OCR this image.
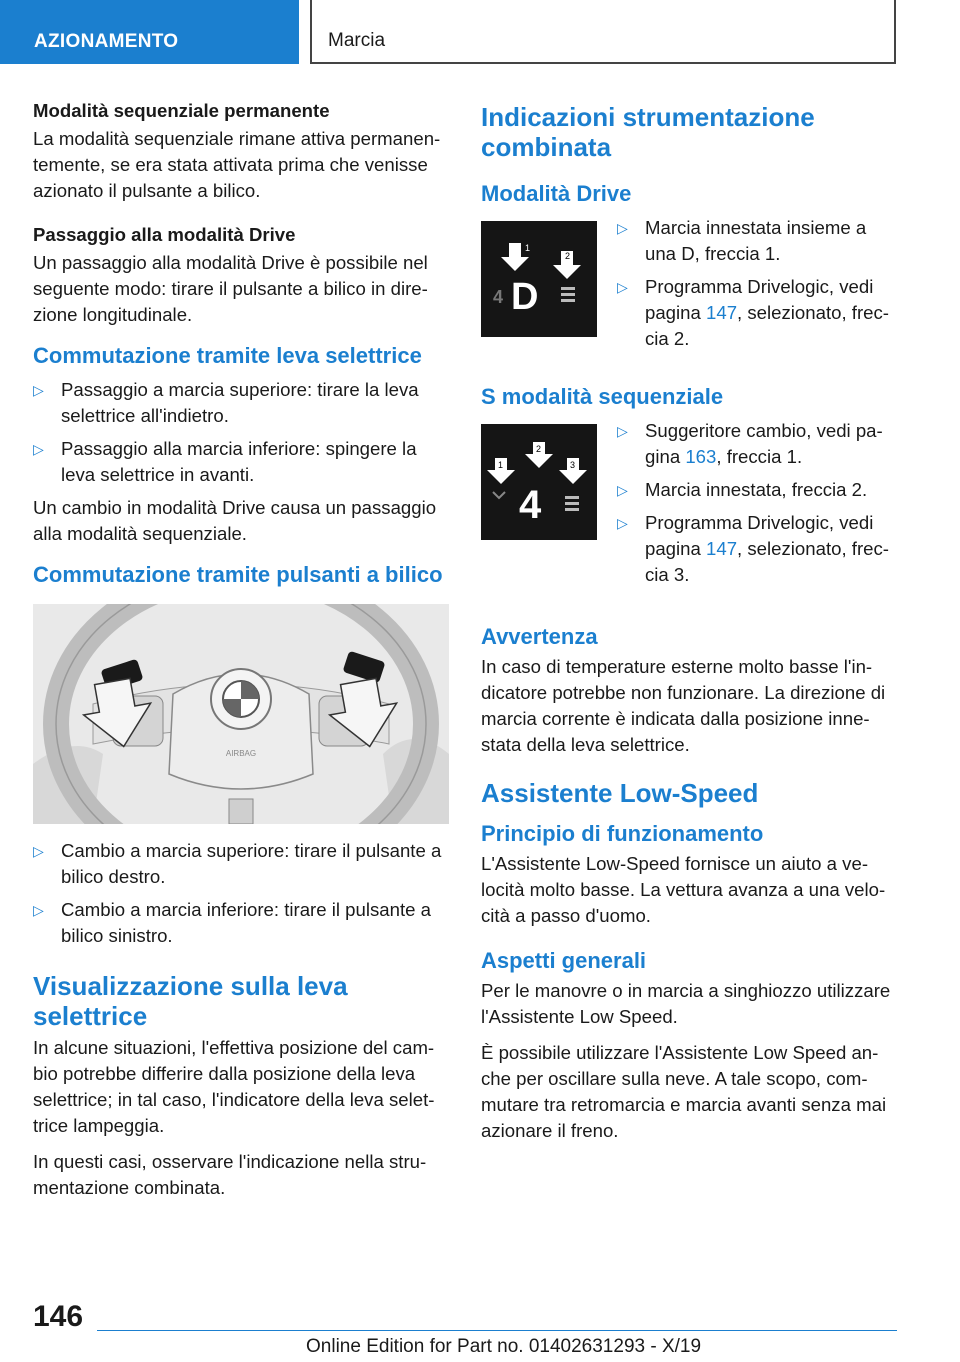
AZIONAMENTO	Marcia
Modalità sequenziale permanente

La modalità sequenziale rimane attiva permanen-temente, se era stata attivata prima che venisse azionato il pulsante a bilico.

Passaggio alla modalità Drive

Un passaggio alla modalità Drive è possibile nel seguente modo: tirare il pulsante a bilico in dire-zione longitudinale.

Commutazione tramite leva selettrice
▷ Passaggio a marcia superiore: tirare la leva selettrice all'indietro.
▷ Passaggio alla marcia inferiore: spingere la leva selettrice in avanti.

Un cambio in modalità Drive causa un passaggio alla modalità sequenziale.

Commutazione tramite pulsanti a bilico
AIRBAG
▷ Cambio a marcia superiore: tirare il pulsante a bilico destro.
▷ Cambio a marcia inferiore: tirare il pulsante a bilico sinistro.
Visualizzazione sulla leva selettrice

In alcune situazioni, l'effettiva posizione del cam-bio potrebbe differire dalla posizione della leva selettrice; in tal caso, l'indicatore della leva selet-trice lampeggia.

In questi casi, osservare l'indicazione nella stru-mentazione combinata.

Indicazioni strumentazione combinata
Modalità Drive
1
2
4 D
▷ Marcia innestata insieme a una D, freccia 1.
▷ Programma Drivelogic, vedi pagina 147, selezionato, frec-cia 2.
S modalità sequenziale
1
2
3
4
▷ Suggeritore cambio, vedi pa-gina 163, freccia 1.
▷ Marcia innestata, freccia 2.
▷ Programma Drivelogic, vedi pagina 147, selezionato, frec-cia 3.
Avvertenza

In caso di temperature esterne molto basse l'in-dicatore potrebbe non funzionare. La direzione di marcia corrente è indicata dalla posizione inne-stata della leva selettrice.

Assistente Low-Speed
Principio di funzionamento

L'Assistente Low-Speed fornisce un aiuto a ve-locità molto basse. La vettura avanza a una velo-cità a passo d'uomo.

Aspetti generali

Per le manovre o in marcia a singhiozzo utilizzare l'Assistente Low Speed.

È possibile utilizzare l'Assistente Low Speed an-che per oscillare sulla neve. A tale scopo, com-mutare tra retromarcia e marcia avanti senza mai azionare il freno.

146
Online Edition for Part no. 01402631293 - X/19
